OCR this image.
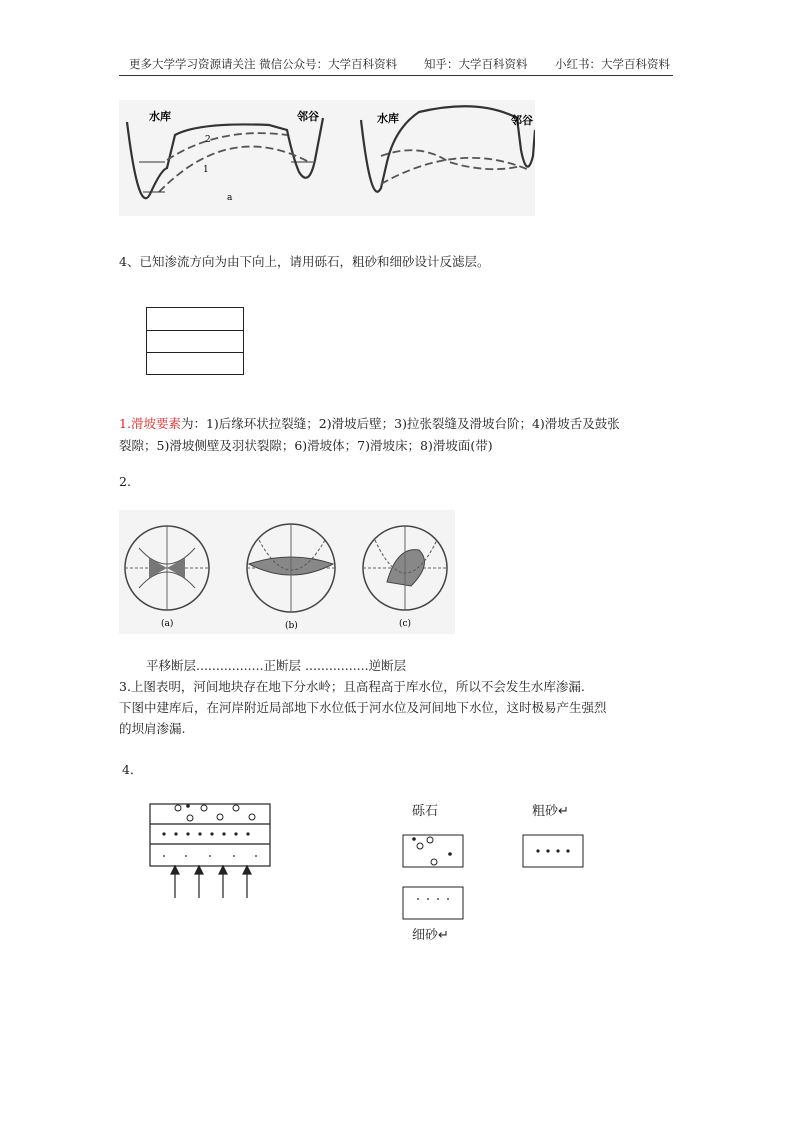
更多大学学习资源请关注 微信公众号：大学百科资料 知乎：大学百科资料 小红书：大学百科资料
水库	邻谷
2
1
a
水库	邻谷
4、已知渗流方向为由下向上，请用砾石，粗砂和细砂设计反滤层。
1.滑坡要素为：1)后缘环状拉裂缝；2)滑坡后壁；3)拉张裂缝及滑坡台阶；4)滑坡舌及鼓张
裂隙；5)滑坡侧壁及羽状裂隙；6)滑坡体；7)滑坡床；8)滑坡面(带)
2.
(a)	(b)	(c)
平移断层.................正断层 ................逆断层
3.上图表明，河间地块存在地下分水岭；且高程高于库水位，所以不会发生水库渗漏.
下图中建库后，在河岸附近局部地下水位低于河水位及河间地下水位，这时极易产生强烈
的坝肩渗漏.
4．
砾石	粗砂↵
细砂↵
